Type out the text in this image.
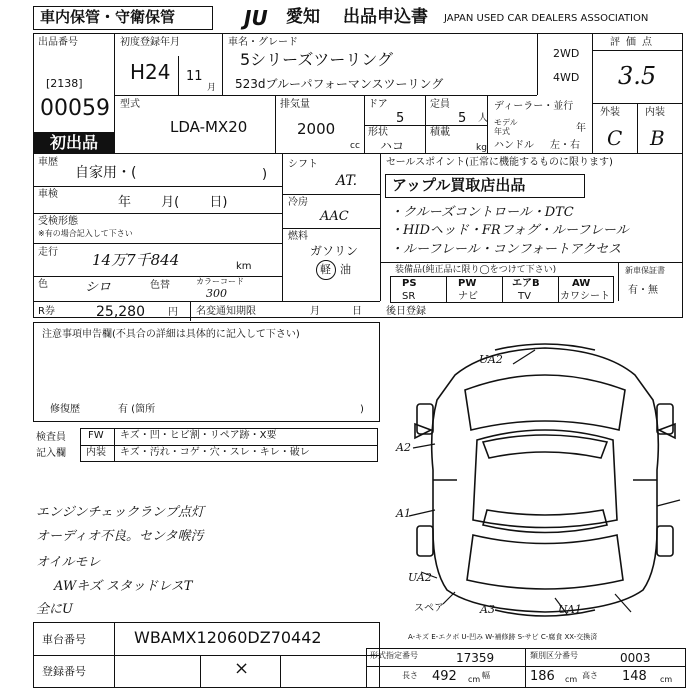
車内保管・守衛保管	JU 愛知 出品申込書 JAPAN USED CAR DEALERS ASSOCIATION
出品番号
[2138]
00059
初出品
初度登録年月
H24 11
月
車名・グレード
5シリーズツーリング
523dブルーパフォーマンスツーリング
2WD
4WD
評価点
3.5
外装	内装
C B
型式
LDA-MX20
排気量
2000
cc
ドア
5
定員
5 人
形状
ハコ
積載
kg
ディーラー・並行
モデル年式	年
ハンドル 左・右
車歴
自家用・(	)
車検
年 月( 日)
受検形態
※有の場合記入して下さい
走行 14万7千844	km
色	シロ	色替	カラーコード
300
シフト
AT.
冷房
AAC
燃料
ガソリン
軽 油
セールスポイント(正常に機能するものに限ります)
アップル買取店出品
・クルーズコントロール・DTC
・HIDヘッド・FRフォグ・ルーフレール
・ルーフレール・コンフォートアクセス
装備品(純正品に限り◯をつけて下さい)	新車保証書
有・無
PS	PW	エアB	AW
SR	ナビ	TV	カワシート
R券	25,280 円 名変通知期限	月	日 後日登録
注意事項申告欄(不具合の詳細は具体的に記入して下さい)
修復歴	有 (箇所	)
検査員
記入欄
FW キズ・凹・ヒビ割・リペア跡・X要
内装 キズ・汚れ・コゲ・穴・スレ・キレ・破レ
エンジンチェックランプ点灯
オーディオ不良。センタ喉汚
オイルモレ
AWキズ スタッドレスT
全にU
UA2
A2
A1
UA2
スペア	A3	UA1
A-キズ E-エクボ U-凹み W-補修跡 S-サビ C-腐食 XX-交換済
車台番号	WBAMX12060DZ70442
登録番号	×
形式指定番号	17359	類別区分番号	0003
長さ 492 cm 幅	186 cm 高さ 148 cm
